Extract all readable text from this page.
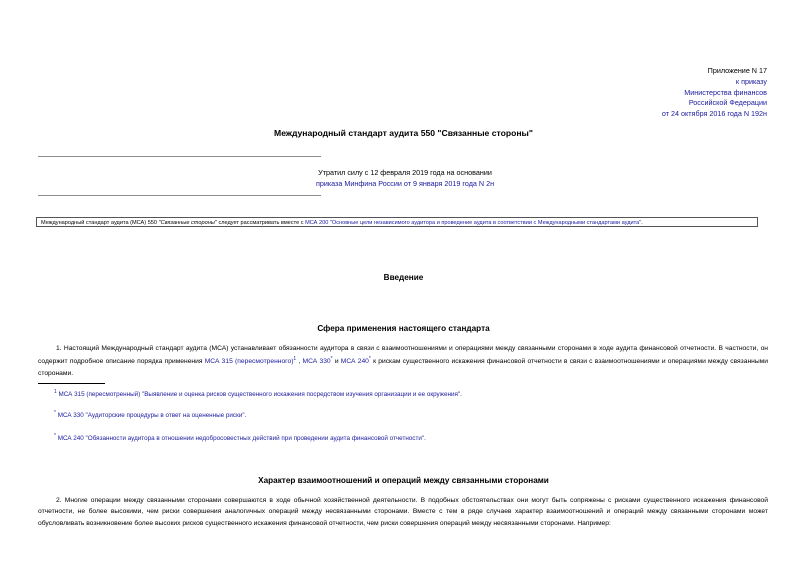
Приложение N 17
к приказу
Министерства финансов
Российской Федерации
от 24 октября 2016 года N 192н
Международный стандарт аудита 550 "Связанные стороны"
Утратил силу с 12 февраля 2019 года на основании
приказа Минфина России от 9 января 2019 года N 2н
Международный стандарт аудита (МСА) 550 "Связанные стороны" следует рассматривать вместе с МСА 200 "Основные цели независимого аудитора и проведение аудита в соответствии с Международными стандартами аудита".
Введение
Сфера применения настоящего стандарта
1. Настоящий Международный стандарт аудита (МСА) устанавливает обязанности аудитора в связи с взаимоотношениями и операциями между связанными сторонами в ходе аудита финансовой отчетности. В частности, он содержит подробное описание порядка применения МСА 315 (пересмотренного)$^1$ , МСА 330* и МСА 240* к рискам существенного искажения финансовой отчетности в связи с взаимоотношениями и операциями между связанными сторонами.
$^1$ МСА 315 (пересмотренный) "Выявление и оценка рисков существенного искажения посредством изучения организации и ее окружения".
* МСА 330 "Аудиторские процедуры в ответ на оцененные риски".
* МСА 240 "Обязанности аудитора в отношении недобросовестных действий при проведении аудита финансовой отчетности".
Характер взаимоотношений и операций между связанными сторонами
2. Многие операции между связанными сторонами совершаются в ходе обычной хозяйственной деятельности. В подобных обстоятельствах они могут быть сопряжены с рисками существенного искажения финансовой отчетности, не более высокими, чем риски совершения аналогичных операций между несвязанными сторонами. Вместе с тем в ряде случаев характер взаимоотношений и операций между связанными сторонами может обусловливать возникновение более высоких рисков существенного искажения финансовой отчетности, чем риски совершения операций между несвязанными сторонами. Например:
